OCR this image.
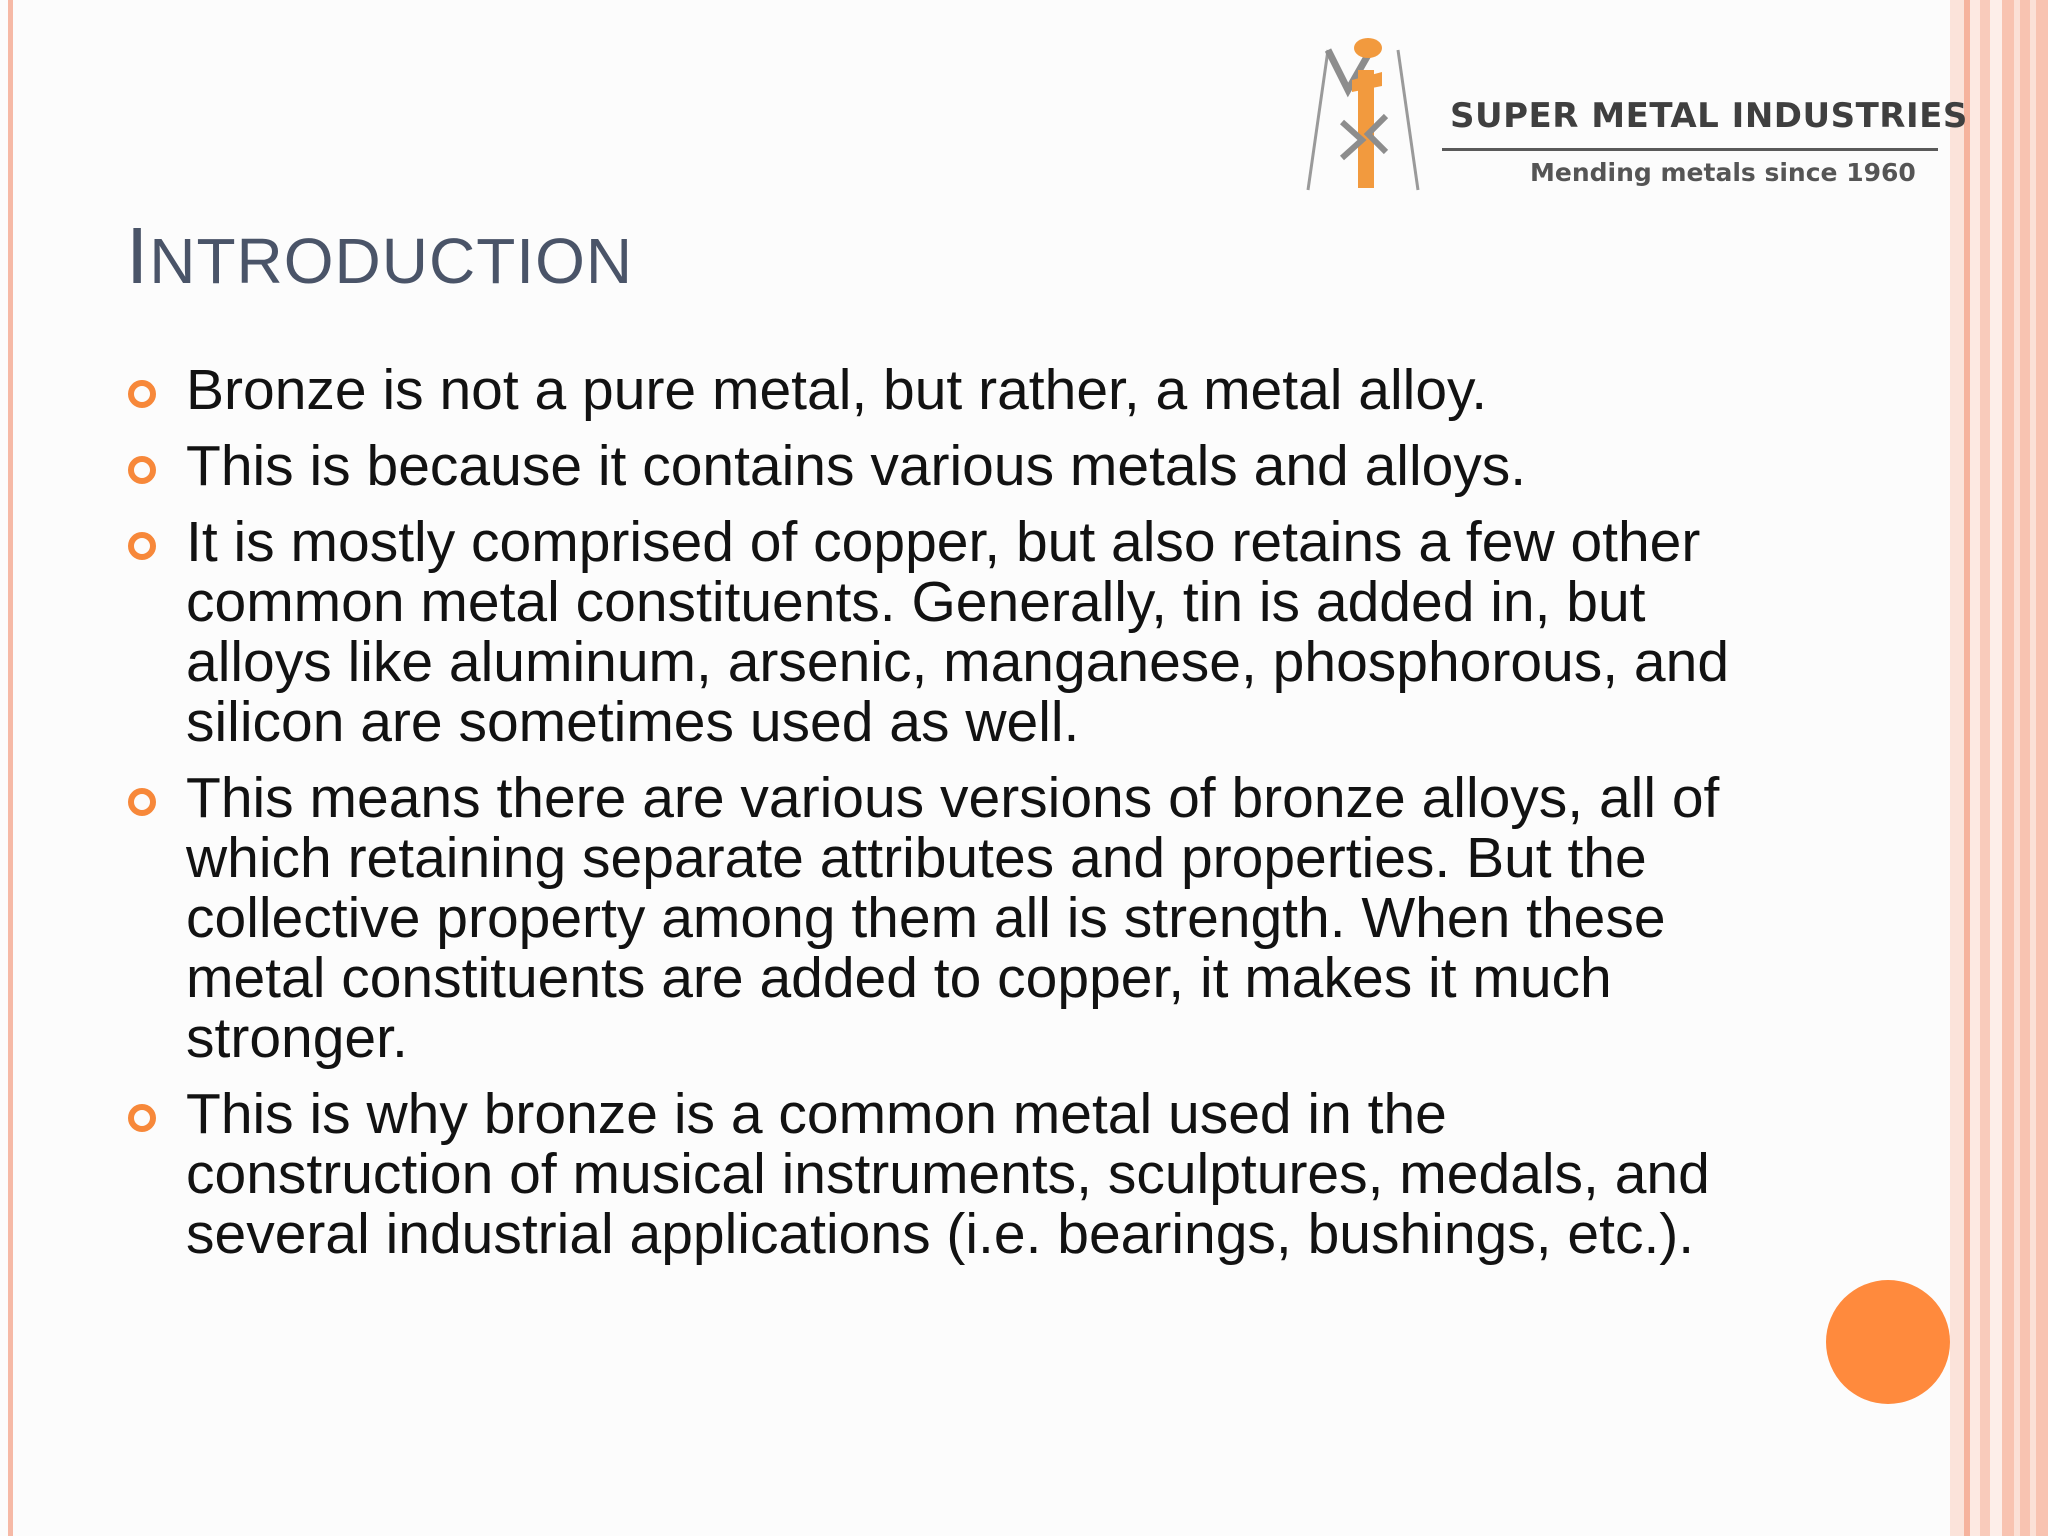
SUPER METAL INDUSTRIES
Mending metals since 1960
INTRODUCTION
Bronze is not a pure metal, but rather, a metal alloy.
This is because it contains various metals and alloys.
It is mostly comprised of copper, but also retains a few other common metal constituents. Generally, tin is added in, but alloys like aluminum, arsenic, manganese, phosphorous, and silicon are sometimes used as well.
This means there are various versions of bronze alloys, all of which retaining separate attributes and properties. But the collective property among them all is strength. When these metal constituents are added to copper, it makes it much stronger.
This is why bronze is a common metal used in the construction of musical instruments, sculptures, medals, and several industrial applications (i.e. bearings, bushings, etc.).
